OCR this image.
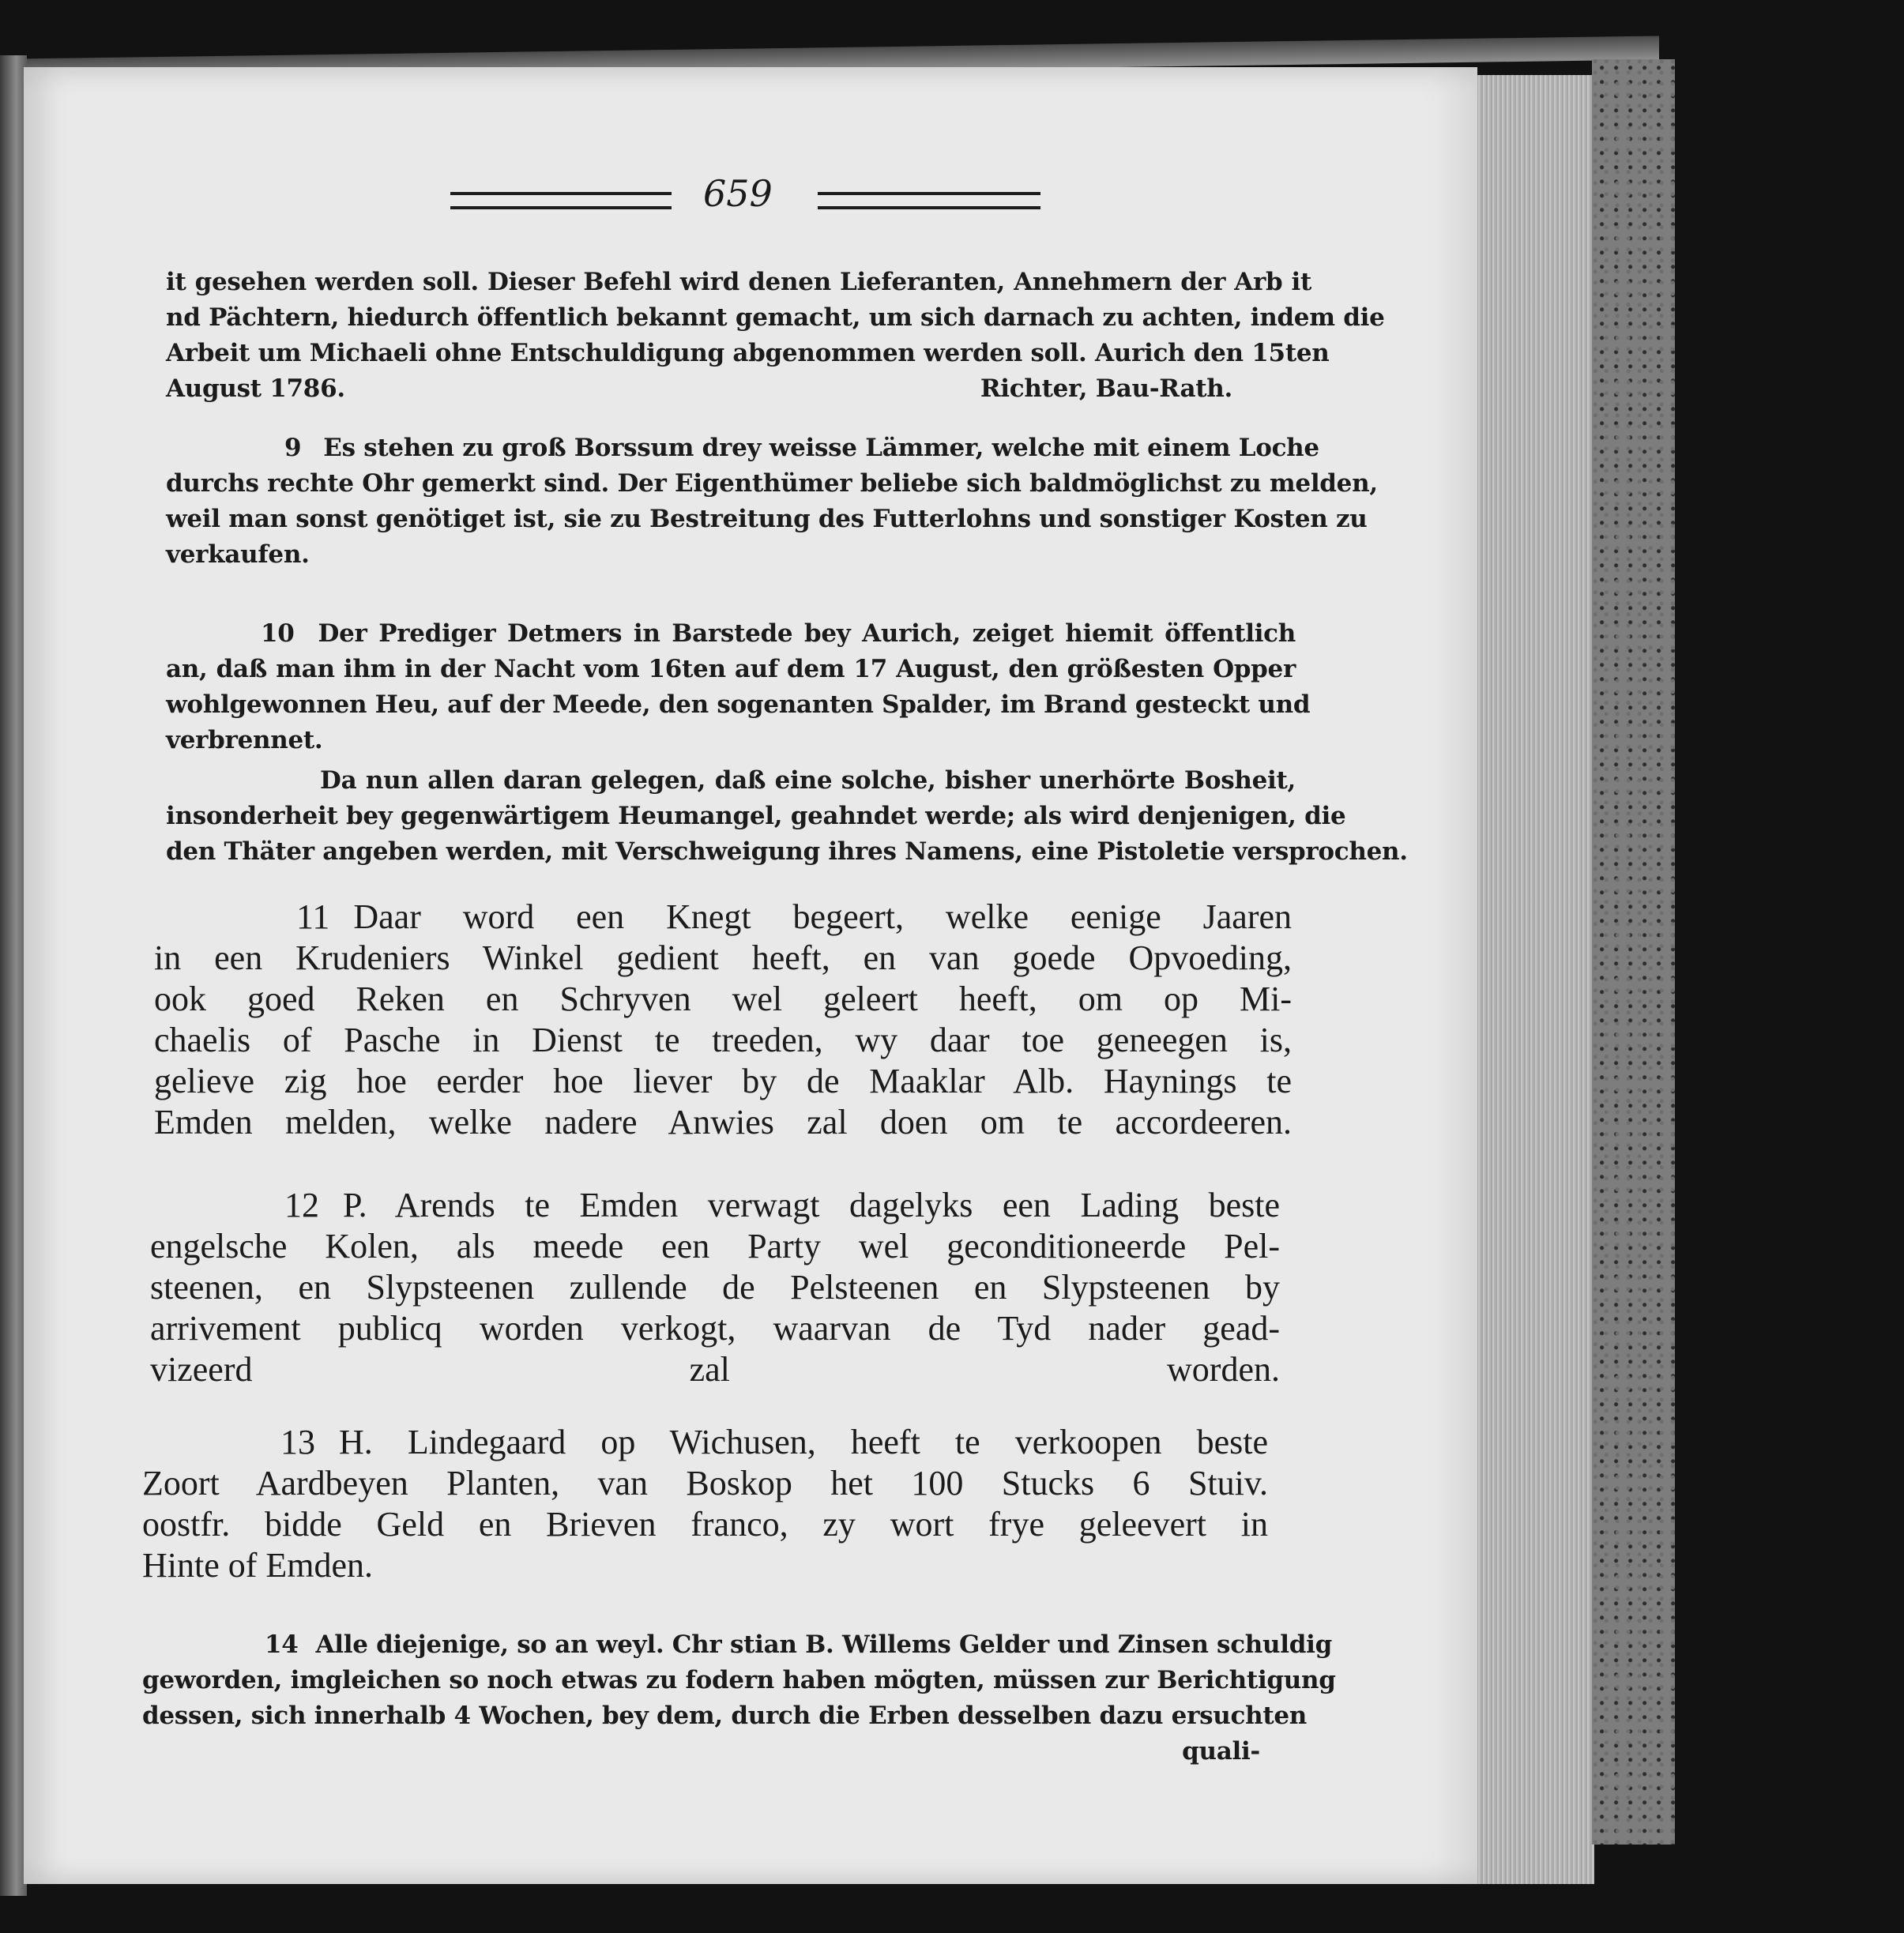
659
it gesehen werden soll. Dieser Befehl wird denen Lieferanten, Annehmern der Arb it
nd Pächtern, hiedurch öffentlich bekannt gemacht, um sich darnach zu achten, indem die
Arbeit um Michaeli ohne Entschuldigung abgenommen werden soll. Aurich den 15ten
August 1786.	Richter, Bau-Rath.
9 Es stehen zu groß Borssum drey weisse Lämmer, welche mit einem Loche
durchs rechte Ohr gemerkt sind. Der Eigenthümer beliebe sich baldmöglichst zu melden,
weil man sonst genötiget ist, sie zu Bestreitung des Futterlohns und sonstiger Kosten zu
verkaufen.
10 Der Prediger Detmers in Barstede bey Aurich, zeiget hiemit öffentlich
an, daß man ihm in der Nacht vom 16ten auf dem 17 August, den größesten Opper
wohlgewonnen Heu, auf der Meede, den sogenanten Spalder, im Brand gesteckt und
verbrennet.
Da nun allen daran gelegen, daß eine solche, bisher unerhörte Bosheit,
insonderheit bey gegenwärtigem Heumangel, geahndet werde; als wird denjenigen, die
den Thäter angeben werden, mit Verschweigung ihres Namens, eine Pistoletie versprochen.
11 Daar word een Knegt begeert, welke eenige Jaaren
in een Krudeniers Winkel gedient heeft, en van goede Opvoeding,
ook goed Reken en Schryven wel geleert heeft, om op Mi-
chaelis of Pasche in Dienst te treeden, wy daar toe geneegen is,
gelieve zig hoe eerder hoe liever by de Maaklar Alb. Haynings te
Emden melden, welke nadere Anwies zal doen om te accordeeren.
12 P. Arends te Emden verwagt dagelyks een Lading beste
engelsche Kolen, als meede een Party wel geconditioneerde Pel-
steenen, en Slypsteenen zullende de Pelsteenen en Slypsteenen by
arrivement publicq worden verkogt, waarvan de Tyd nader gead-
vizeerd zal worden.
13 H. Lindegaard op Wichusen, heeft te verkoopen beste
Zoort Aardbeyen Planten, van Boskop het 100 Stucks 6 Stuiv.
oostfr. bidde Geld en Brieven franco, zy wort frye geleevert in
Hinte of Emden.
14 Alle diejenige, so an weyl. Chr stian B. Willems Gelder und Zinsen schuldig
geworden, imgleichen so noch etwas zu fodern haben mögten, müssen zur Berichtigung
dessen, sich innerhalb 4 Wochen, bey dem, durch die Erben desselben dazu ersuchten
quali-
